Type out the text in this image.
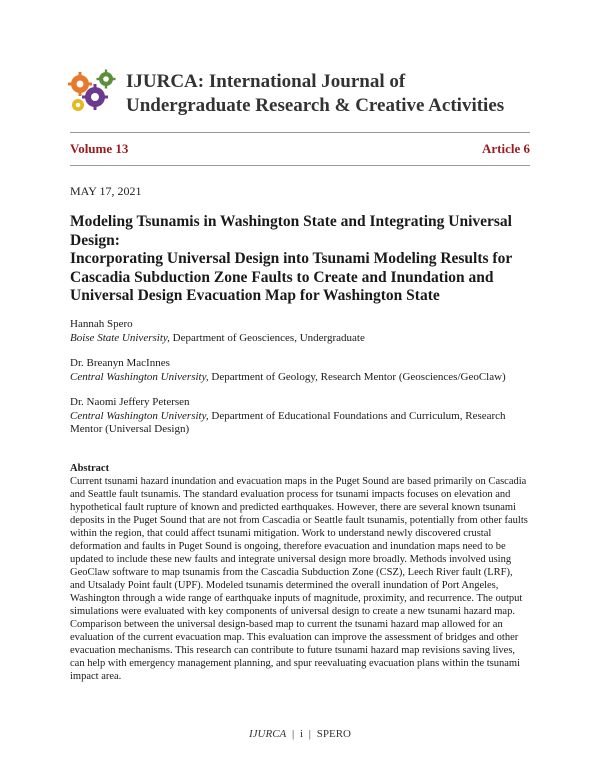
IJURCA: International Journal of
Undergraduate Research & Creative Activities
Volume 13	Article 6
MAY 17, 2021
Modeling Tsunamis in Washington State and Integrating Universal
Design:
Incorporating Universal Design into Tsunami Modeling Results for
Cascadia Subduction Zone Faults to Create and Inundation and
Universal Design Evacuation Map for Washington State
Hannah Spero
Boise State University, Department of Geosciences, Undergraduate
Dr. Breanyn MacInnes
Central Washington University, Department of Geology, Research Mentor (Geosciences/GeoClaw)
Dr. Naomi Jeffery Petersen
Central Washington University, Department of Educational Foundations and Curriculum, Research Mentor (Universal Design)
Abstract
Current tsunami hazard inundation and evacuation maps in the Puget Sound are based primarily on Cascadia and Seattle fault tsunamis. The standard evaluation process for tsunami impacts focuses on elevation and hypothetical fault rupture of known and predicted earthquakes. However, there are several known tsunami deposits in the Puget Sound that are not from Cascadia or Seattle fault tsunamis, potentially from other faults within the region, that could affect tsunami mitigation. Work to understand newly discovered crustal deformation and faults in Puget Sound is ongoing, therefore evacuation and inundation maps need to be updated to include these new faults and integrate universal design more broadly. Methods involved using GeoClaw software to map tsunamis from the Cascadia Subduction Zone (CSZ), Leech River fault (LRF), and Utsalady Point fault (UPF). Modeled tsunamis determined the overall inundation of Port Angeles, Washington through a wide range of earthquake inputs of magnitude, proximity, and recurrence. The output simulations were evaluated with key components of universal design to create a new tsunami hazard map. Comparison between the universal design-based map to current the tsunami hazard map allowed for an evaluation of the current evacuation map. This evaluation can improve the assessment of bridges and other evacuation mechanisms. This research can contribute to future tsunami hazard map revisions saving lives, can help with emergency management planning, and spur reevaluating evacuation plans within the tsunami impact area.
IJURCA | i | SPERO
